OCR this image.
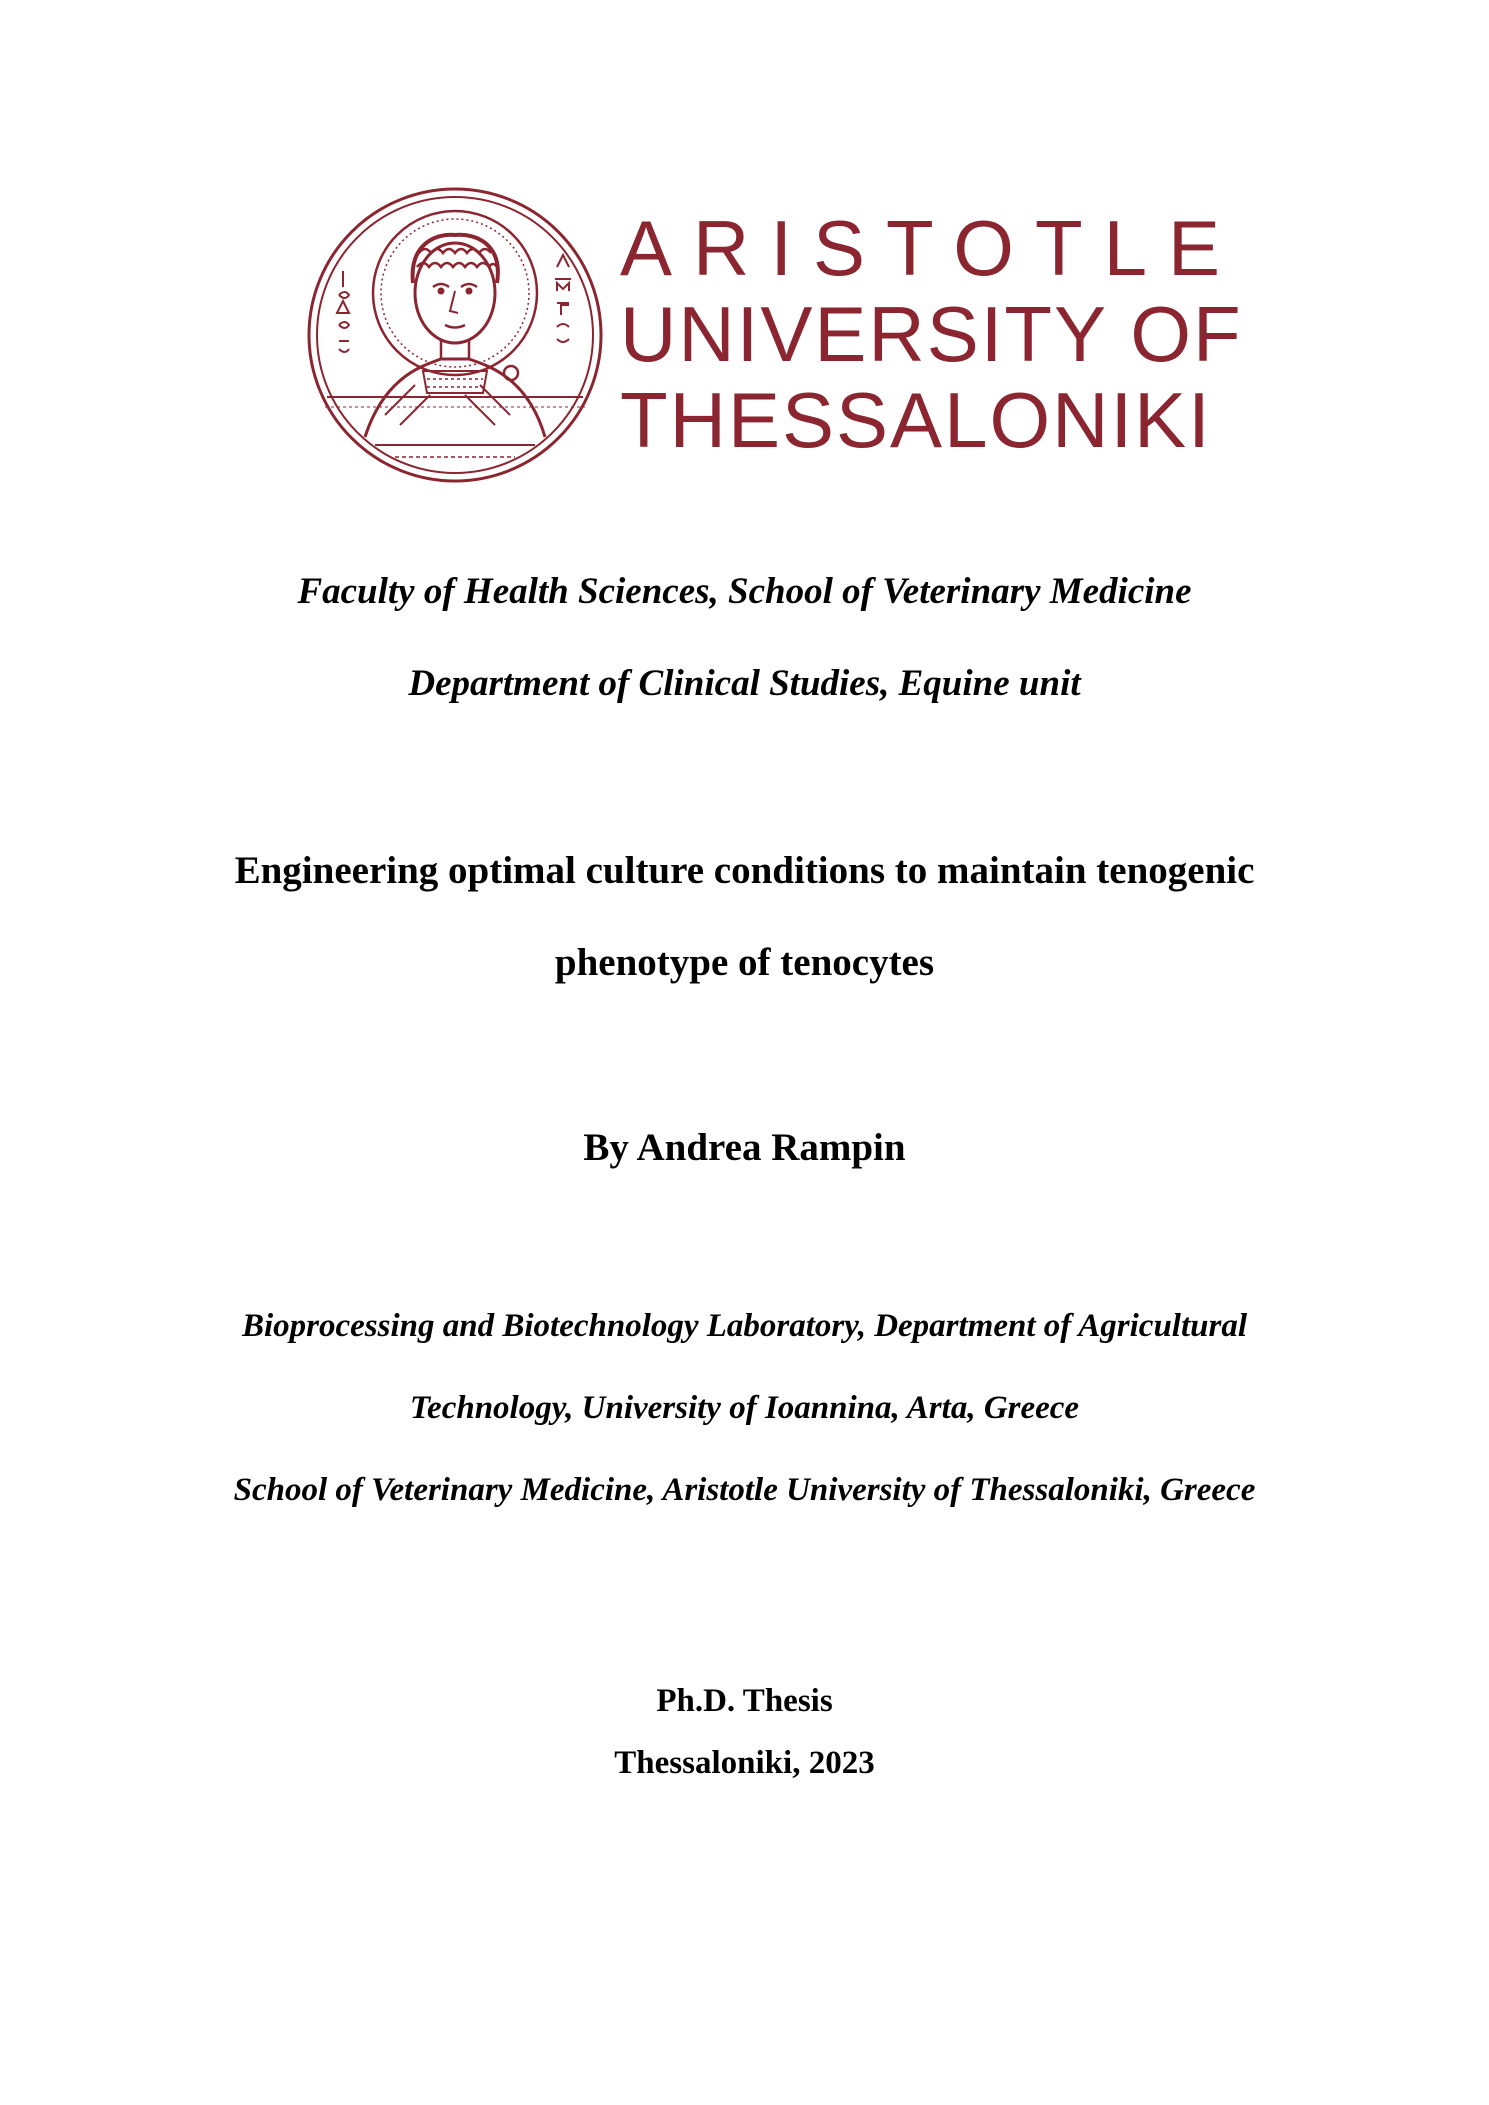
ARISTOTLE
UNIVERSITY OF
THESSALONIKI
Faculty of Health Sciences, School of Veterinary Medicine
Department of Clinical Studies, Equine unit
Engineering optimal culture conditions to maintain tenogenic
phenotype of tenocytes
By Andrea Rampin
Bioprocessing and Biotechnology Laboratory, Department of Agricultural
Technology, University of Ioannina, Arta, Greece
School of Veterinary Medicine, Aristotle University of Thessaloniki, Greece
Ph.D. Thesis
Thessaloniki, 2023
